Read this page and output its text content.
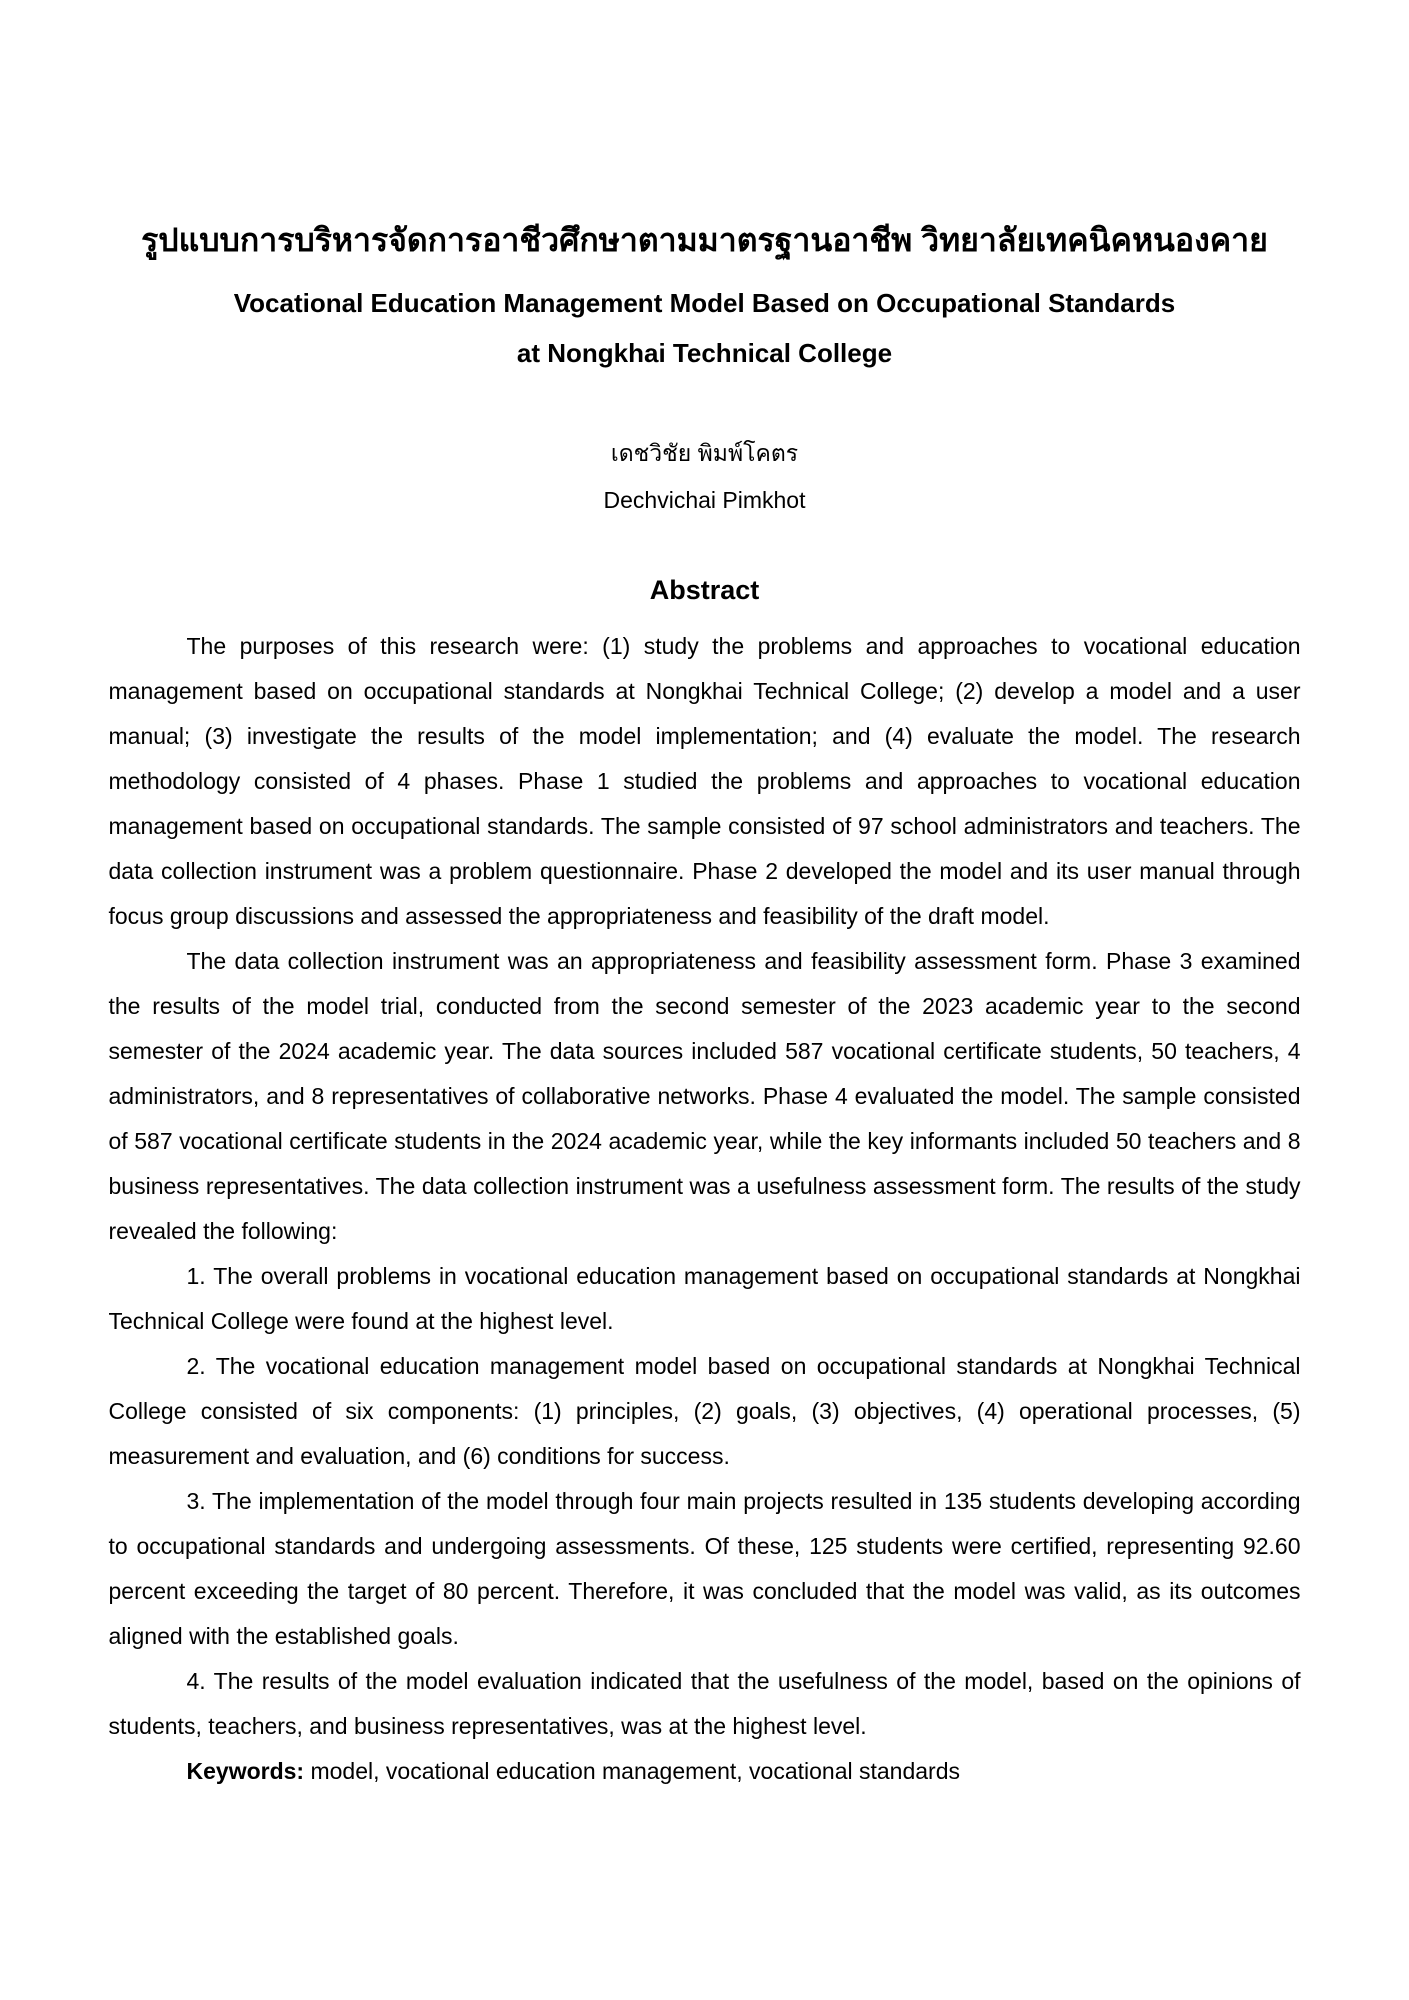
รูปแบบการบริหารจัดการอาชีวศึกษาตามมาตรฐานอาชีพ วิทยาลัยเทคนิคหนองคาย
Vocational Education Management Model Based on Occupational Standards
at Nongkhai Technical College
เดชวิชัย พิมพ์โคตร
Dechvichai Pimkhot
Abstract

The purposes of this research were: (1) study the problems and approaches to vocational education management based on occupational standards at Nongkhai Technical College; (2) develop a model and a user manual; (3) investigate the results of the model implementation; and (4) evaluate the model. The research methodology consisted of 4 phases. Phase 1 studied the problems and approaches to vocational education management based on occupational standards. The sample consisted of 97 school administrators and teachers. The data collection instrument was a problem questionnaire. Phase 2 developed the model and its user manual through focus group discussions and assessed the appropriateness and feasibility of the draft model.

The data collection instrument was an appropriateness and feasibility assessment form. Phase 3 examined the results of the model trial, conducted from the second semester of the 2023 academic year to the second semester of the 2024 academic year. The data sources included 587 vocational certificate students, 50 teachers, 4 administrators, and 8 representatives of collaborative networks. Phase 4 evaluated the model. The sample consisted of 587 vocational certificate students in the 2024 academic year, while the key informants included 50 teachers and 8 business representatives. The data collection instrument was a usefulness assessment form. The results of the study revealed the following:

1. The overall problems in vocational education management based on occupational standards at Nongkhai Technical College were found at the highest level.

2. The vocational education management model based on occupational standards at Nongkhai Technical College consisted of six components: (1) principles, (2) goals, (3) objectives, (4) operational processes, (5) measurement and evaluation, and (6) conditions for success.

3. The implementation of the model through four main projects resulted in 135 students developing according to occupational standards and undergoing assessments. Of these, 125 students were certified, representing 92.60 percent exceeding the target of 80 percent. Therefore, it was concluded that the model was valid, as its outcomes aligned with the established goals.

4. The results of the model evaluation indicated that the usefulness of the model, based on the opinions of students, teachers, and business representatives, was at the highest level.

Keywords: model, vocational education management, vocational standards
